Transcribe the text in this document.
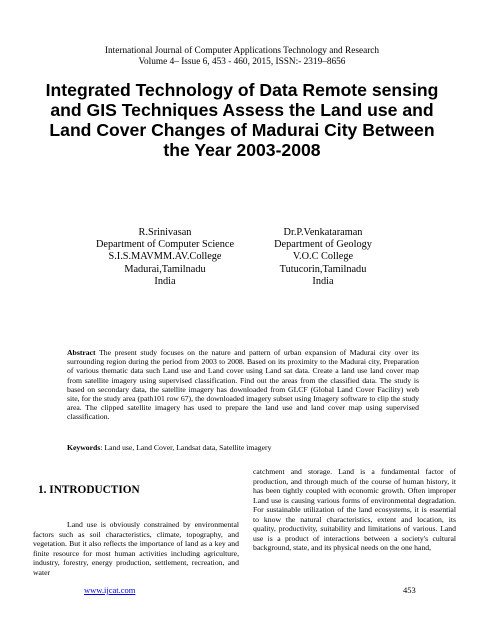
International Journal of Computer Applications Technology and Research
Volume 4– Issue 6, 453 - 460, 2015, ISSN:- 2319–8656
Integrated Technology of Data Remote sensing and GIS Techniques Assess the Land use and Land Cover Changes of Madurai City Between the Year 2003-2008
R.Srinivasan
Department of Computer Science
S.I.S.MAVMM.AV.College
Madurai,Tamilnadu
India
Dr.P.Venkataraman
Department of Geology
V.O.C College
Tutucorin,Tamilnadu
India
Abstract The present study focuses on the nature and pattern of urban expansion of Madurai city over its surrounding region during the period from 2003 to 2008. Based on its proximity to the Madurai city, Preparation of various thematic data such Land use and Land cover using Land sat data. Create a land use land cover map from satellite imagery using supervised classification. Find out the areas from the classified data. The study is based on secondary data, the satellite imagery has downloaded from GLCF (Global Land Cover Facility) web site, for the study area (path101 row 67), the downloaded imagery subset using Imagery software to clip the study area. The clipped satellite imagery has used to prepare the land use and land cover map using supervised classification.
Keywords: Land use, Land Cover, Landsat data, Satellite imagery
1. INTRODUCTION
Land use is obviously constrained by environmental factors such as soil characteristics, climate, topography, and vegetation. But it also reflects the importance of land as a key and finite resource for most human activities including agriculture, industry, forestry, energy production, settlement, recreation, and water
catchment and storage. Land is a fundamental factor of production, and through much of the course of human history, it has been tightly coupled with economic growth. Often improper Land use is causing various forms of environmental degradation. For sustainable utilization of the land ecosystems, it is essential to know the natural characteristics, extent and location, its quality, productivity, suitability and limitations of various. Land use is a product of interactions between a society's cultural background, state, and its physical needs on the one hand,
www.ijcat.com	453
